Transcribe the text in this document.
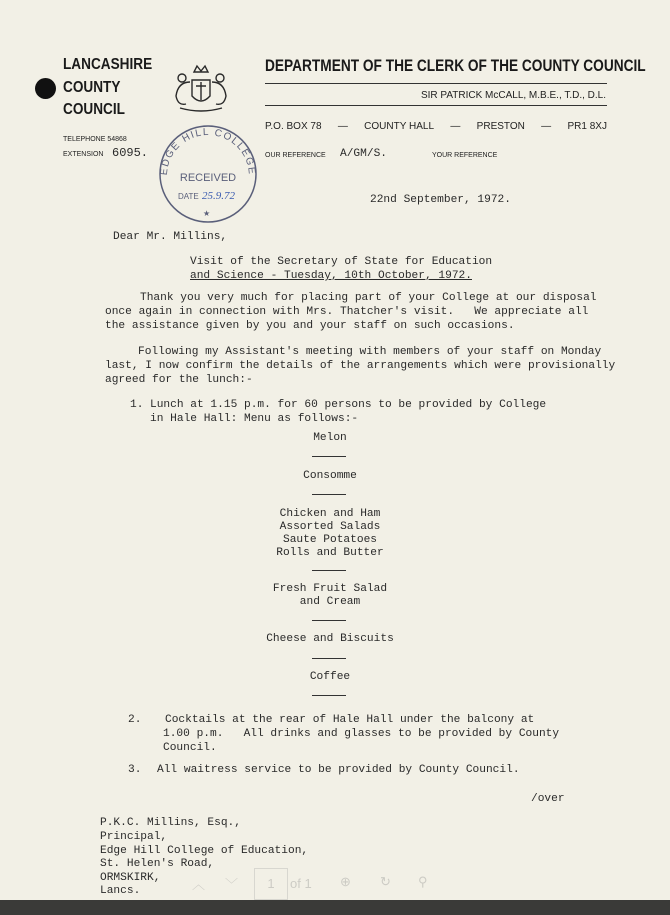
LANCASHIRE
COUNTY
COUNCIL
DEPARTMENT OF THE CLERK OF THE COUNTY COUNCIL
SIR PATRICK McCALL, M.B.E., T.D., D.L.
P.O. BOX 78 — COUNTY HALL — PRESTON — PR1 8XJ
TELEPHONE 54868
EXTENSION 6095.	OUR REFERENCE A/GM/S.	YOUR REFERENCE
EDGE HILL COLLEGE
RECEIVED
DATE 25.9.72
★
22nd September, 1972.
Dear Mr. Millins,
Visit of the Secretary of State for Education
and Science - Tuesday, 10th October, 1972.
Thank you very much for placing part of your College at our disposal
once again in connection with Mrs. Thatcher's visit.   We appreciate all
the assistance given by you and your staff on such occasions.
Following my Assistant's meeting with members of your staff on Monday
last, I now confirm the details of the arrangements which were provisionally
agreed for the lunch:-
1. Lunch at 1.15 p.m. for 60 persons to be provided by College
in Hale Hall: Menu as follows:-
Melon
Consomme
Chicken and Ham
Assorted Salads
Saute Potatoes
Rolls and Butter
Fresh Fruit Salad
and Cream
Cheese and Biscuits
Coffee
2. Cocktails at the rear of Hale Hall under the balcony at
1.00 p.m.   All drinks and glasses to be provided by County
Council.
3. All waitress service to be provided by County Council.
/over
P.K.C. Millins, Esq.,
Principal,
Edge Hill College of Education,
St. Helen's Road,
ORMSKIRK,
Lancs.	︿ ﹀	1	of 1 ⊕ ↻ ⚲
